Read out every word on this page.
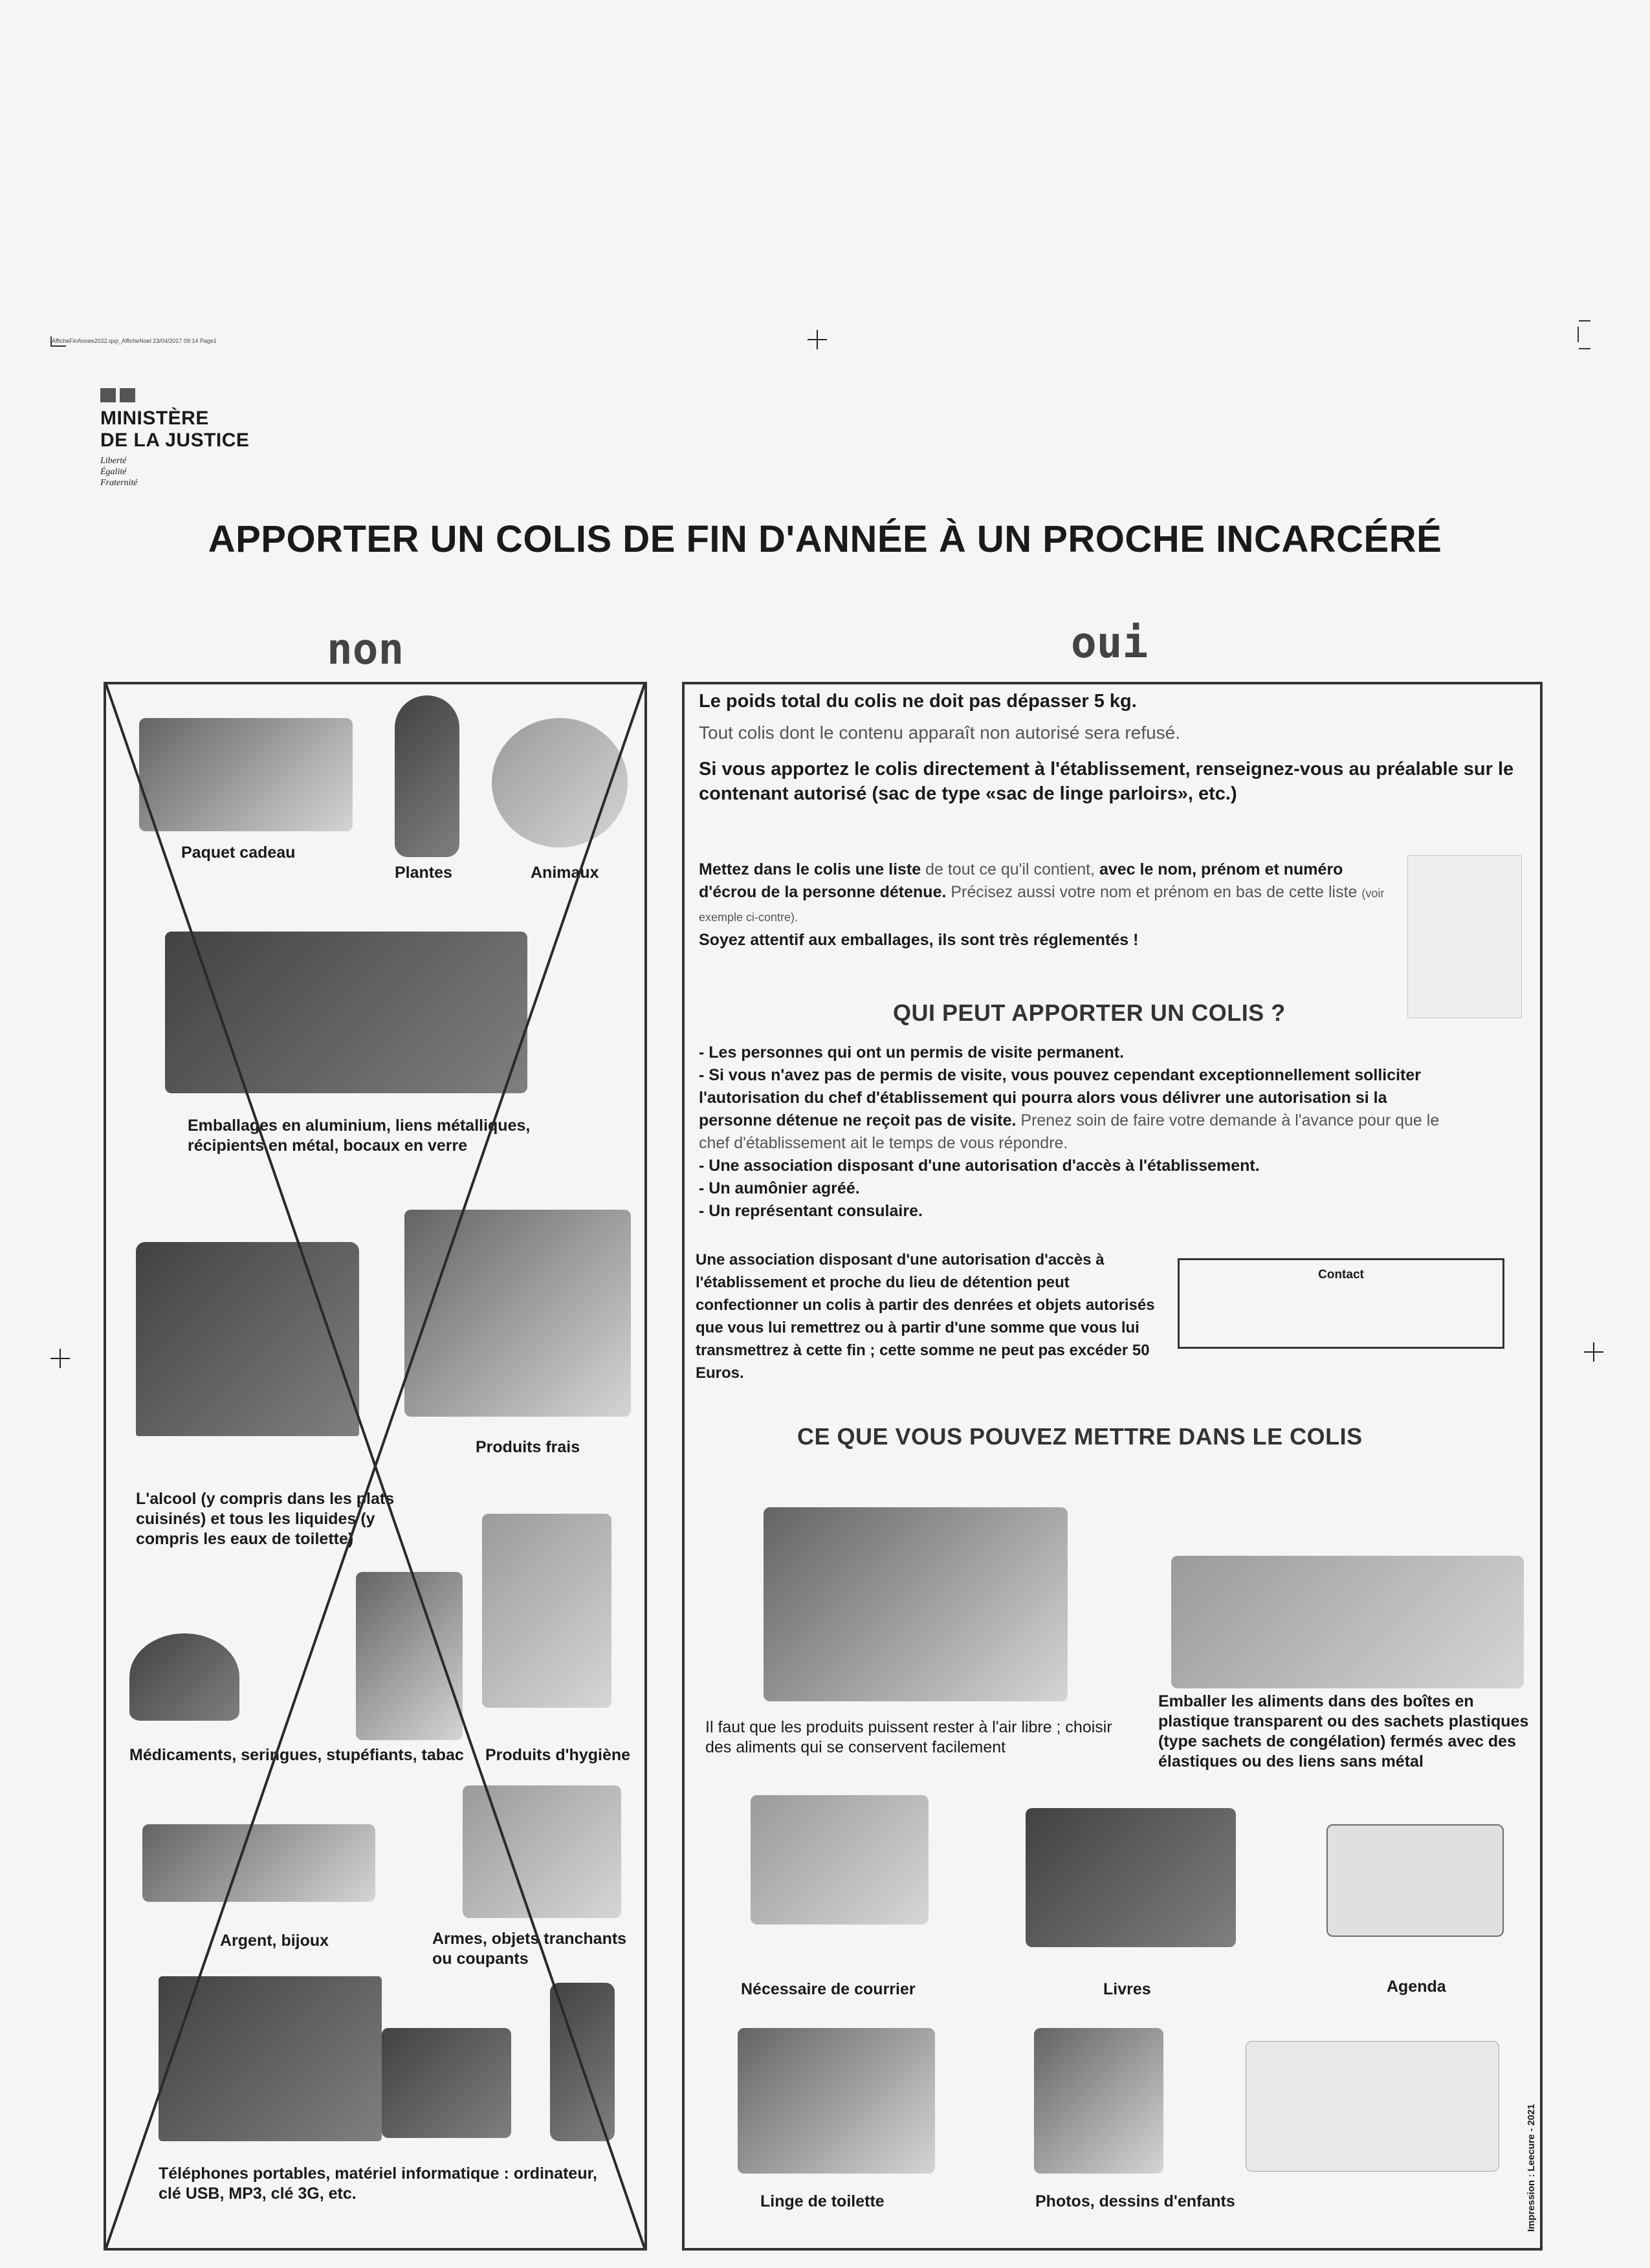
AfficheFinAnnee2022.qxp_AfficheNoel 23/04/2017 09:14 Page1
MINISTÈRE
DE LA JUSTICE
Liberté
Égalité
Fraternité
APPORTER UN COLIS DE FIN D'ANNÉE À UN PROCHE INCARCÉRÉ
non	oui
Paquet cadeau
Plantes	Animaux
Emballages en aluminium, liens métalliques, récipients en métal, bocaux en verre
L'alcool (y compris dans les plats cuisinés) et tous les liquides (y compris les eaux de toilette)
Produits frais
Médicaments, seringues, stupéfiants, tabac	Produits d'hygiène
Argent, bijoux	Armes, objets tranchants ou coupants
Téléphones portables, matériel informatique : ordinateur, clé USB, MP3, clé 3G, etc.
Le poids total du colis ne doit pas dépasser 5 kg.
Tout colis dont le contenu apparaît non autorisé sera refusé.
Si vous apportez le colis directement à l'établissement, renseignez-vous au préalable sur le contenant autorisé (sac de type «sac de linge parloirs», etc.)
Mettez dans le colis une liste de tout ce qu'il contient, avec le nom, prénom et numéro d'écrou de la personne détenue. Précisez aussi votre nom et prénom en bas de cette liste (voir exemple ci-contre).
Soyez attentif aux emballages, ils sont très réglementés !
QUI PEUT APPORTER UN COLIS ?
- Les personnes qui ont un permis de visite permanent.
- Si vous n'avez pas de permis de visite, vous pouvez cependant exceptionnellement solliciter l'autorisation du chef d'établissement qui pourra alors vous délivrer une autorisation si la personne détenue ne reçoit pas de visite. Prenez soin de faire votre demande à l'avance pour que le chef d'établissement ait le temps de vous répondre.
- Une association disposant d'une autorisation d'accès à l'établissement.
- Un aumônier agréé.
- Un représentant consulaire.
Une association disposant d'une autorisation d'accès à l'établissement et proche du lieu de détention peut confectionner un colis à partir des denrées et objets autorisés que vous lui remettrez ou à partir d'une somme que vous lui transmettrez à cette fin ; cette somme ne peut pas excéder 50 Euros.
Contact
CE QUE VOUS POUVEZ METTRE DANS LE COLIS
Il faut que les produits puissent rester à l'air libre ; choisir des aliments qui se conservent facilement
Emballer les aliments dans des boîtes en plastique transparent ou des sachets plastiques (type sachets de congélation) fermés avec des élastiques ou des liens sans métal
Nécessaire de courrier	Livres	Agenda
Linge de toilette	Photos, dessins d'enfants	Impression : Leecure - 2021
